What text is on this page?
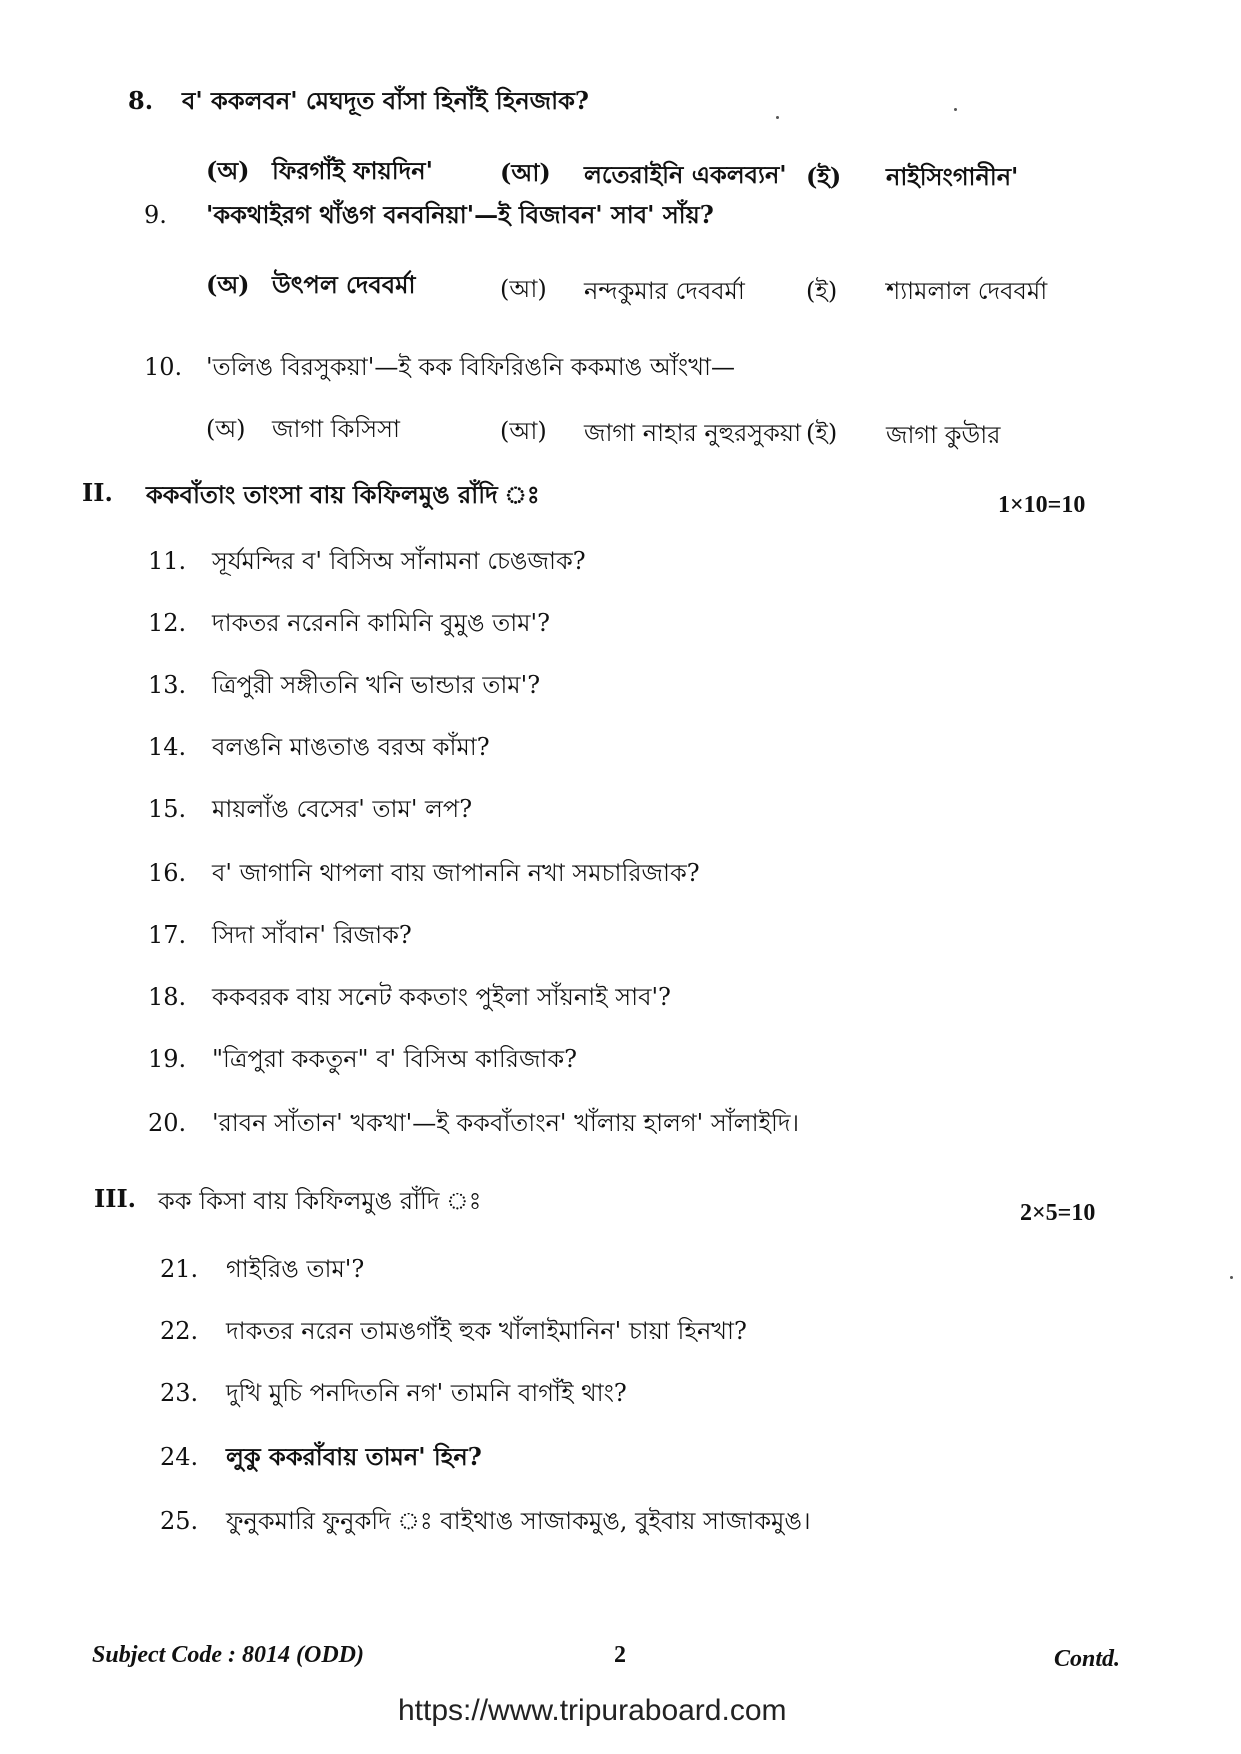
8. ব' ককলবন' মেঘদূত বাঁসা হিনাঁই হিনজাক?
(অ) ফিরগাঁই ফায়দিন'	(আ) লতেরাইনি একলব্যন' (ই) নাইসিংগানীন'
9. 'ককথাইরগ থাঁঙগ বনবনিয়া'—ই বিজাবন' সাব' সাঁয়?
(অ) উৎপল দেববর্মা	(আ) নন্দকুমার দেববর্মা	(ই) শ্যামলাল দেববর্মা
10. 'তলিঙ বিরসুকয়া'—ই কক বিফিরিঙনি ককমাঙ আঁংখা—
(অ) জাগা কিসিসা	(আ) জাগা নাহার নুহুরসুকয়া (ই) জাগা কুউার
II. ককবাঁতাং তাংসা বায় কিফিলমুঙ রাঁদি ঃ	1×10=10
11. সূর্যমন্দির ব' বিসিঅ সাঁনামনা চেঙজাক?
12. দাকতর নরেননি কামিনি বুমুঙ তাম'?
13. ত্রিপুরী সঙ্গীতনি খনি ভান্ডার তাম'?
14. বলঙনি মাঙতাঙ বরঅ কাঁমা?
15. মায়লাঁঙ বেসের' তাম' লপ?
16. ব' জাগানি থাপলা বায় জাপাননি নখা সমচারিজাক?
17. সিদা সাঁবান' রিজাক?
18. ককবরক বায় সনেট ককতাং পুইলা সাঁয়নাই সাব'?
19. "ত্রিপুরা ককতুন" ব' বিসিঅ কারিজাক?
20. 'রাবন সাঁতান' খকখা'—ই ককবাঁতাংন' খাঁলায় হালগ' সাঁলাইদি।
III. কক কিসা বায় কিফিলমুঙ রাঁদি ঃ	2×5=10
21. গাইরিঙ তাম'?
22. দাকতর নরেন তামঙগাঁই হুক খাঁলাইমানিন' চায়া হিনখা?
23. দুখি মুচি পনদিতনি নগ' তামনি বাগাঁই থাং?
24. লুকু ককরাঁবায় তামন' হিন?
25. ফুনুকমারি ফুনুকদি ঃ বাইথাঙ সাজাকমুঙ, বুইবায় সাজাকমুঙ।
Subject Code : 8014 (ODD)	2	Contd.
https://www.tripuraboard.com
